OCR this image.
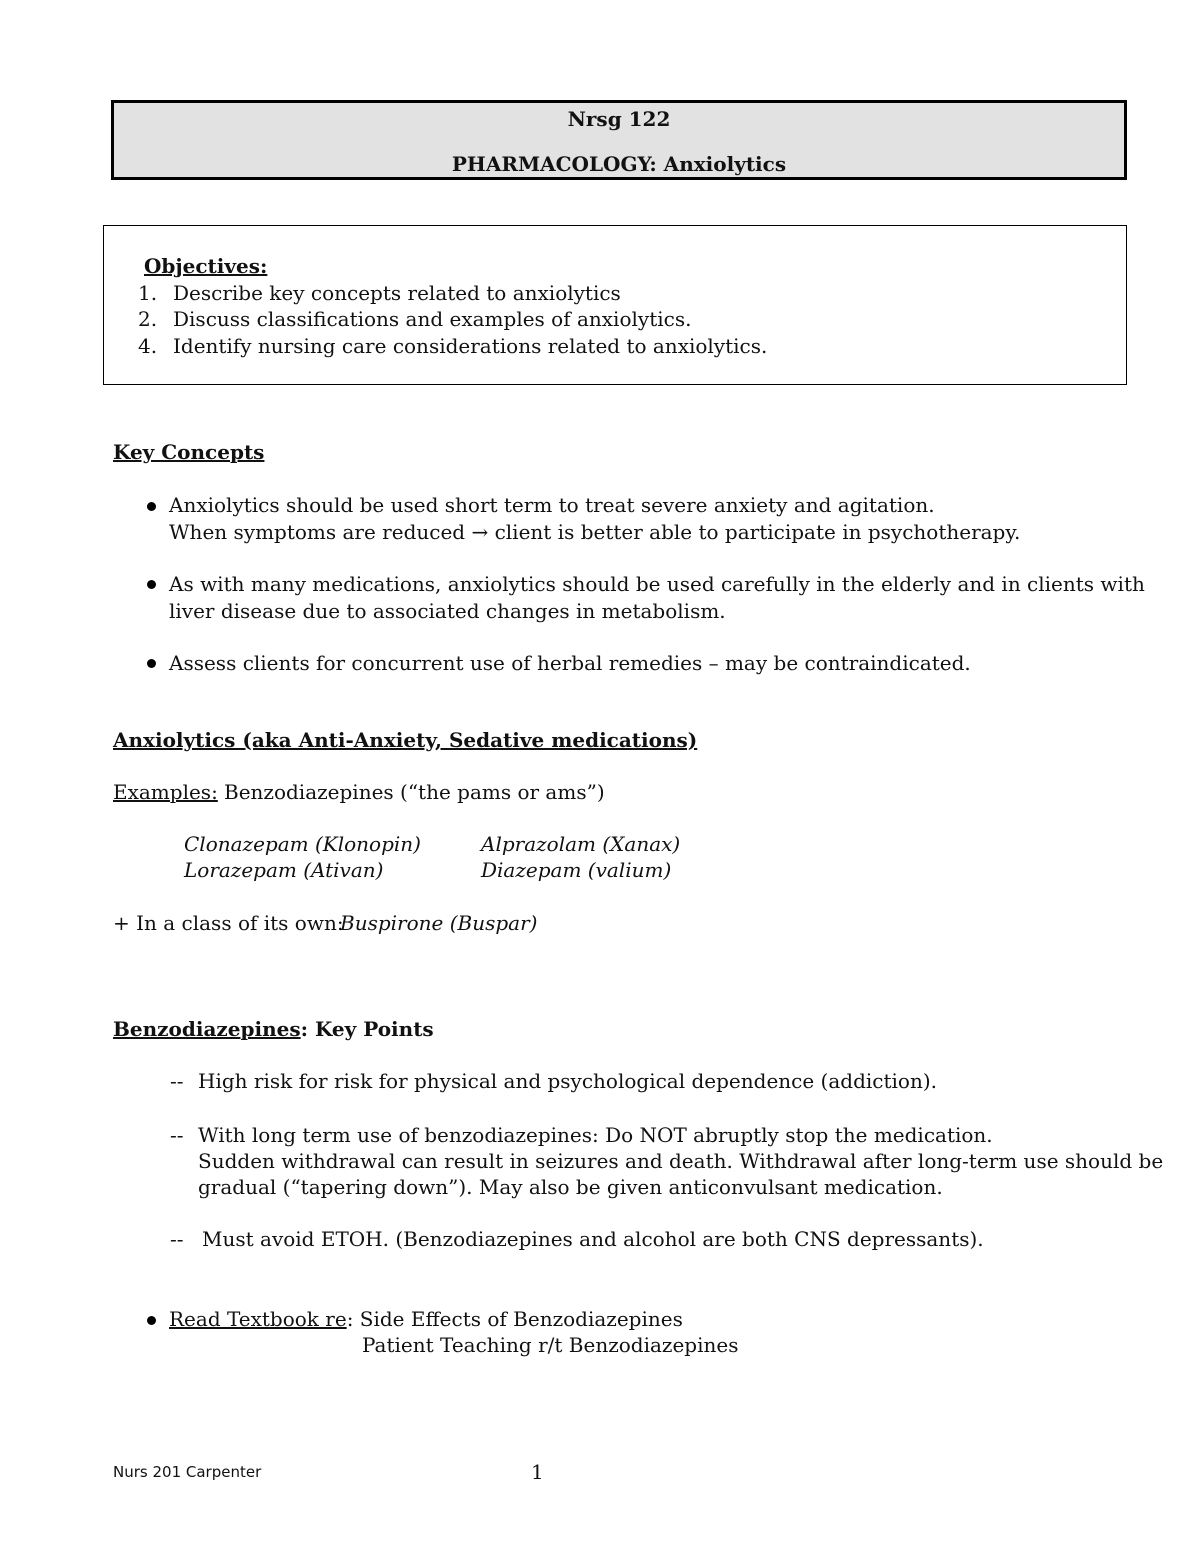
Nrsg 122
PHARMACOLOGY: Anxiolytics
Objectives:
1. Describe key concepts related to anxiolytics
2. Discuss classifications and examples of anxiolytics.
4. Identify nursing care considerations related to anxiolytics.
Key Concepts
Anxiolytics should be used short term to treat severe anxiety and agitation.
When symptoms are reduced → client is better able to participate in psychotherapy.
As with many medications, anxiolytics should be used carefully in the elderly and in clients with
liver disease due to associated changes in metabolism.
Assess clients for concurrent use of herbal remedies – may be contraindicated.
Anxiolytics (aka Anti-Anxiety, Sedative medications)
Examples: Benzodiazepines (“the pams or ams”)
Clonazepam (Klonopin)	Alprazolam (Xanax)
Lorazepam (Ativan)	Diazepam (valium)
+ In a class of its own:
Buspirone (Buspar)
Benzodiazepines: Key Points
-- High risk for risk for physical and psychological dependence (addiction).
-- With long term use of benzodiazepines: Do NOT abruptly stop the medication.
Sudden withdrawal can result in seizures and death. Withdrawal after long-term use should be
gradual (“tapering down”). May also be given anticonvulsant medication.
-- Must avoid ETOH. (Benzodiazepines and alcohol are both CNS depressants).
Read Textbook re: Side Effects of Benzodiazepines
Patient Teaching r/t Benzodiazepines
Nurs 201 Carpenter	1
